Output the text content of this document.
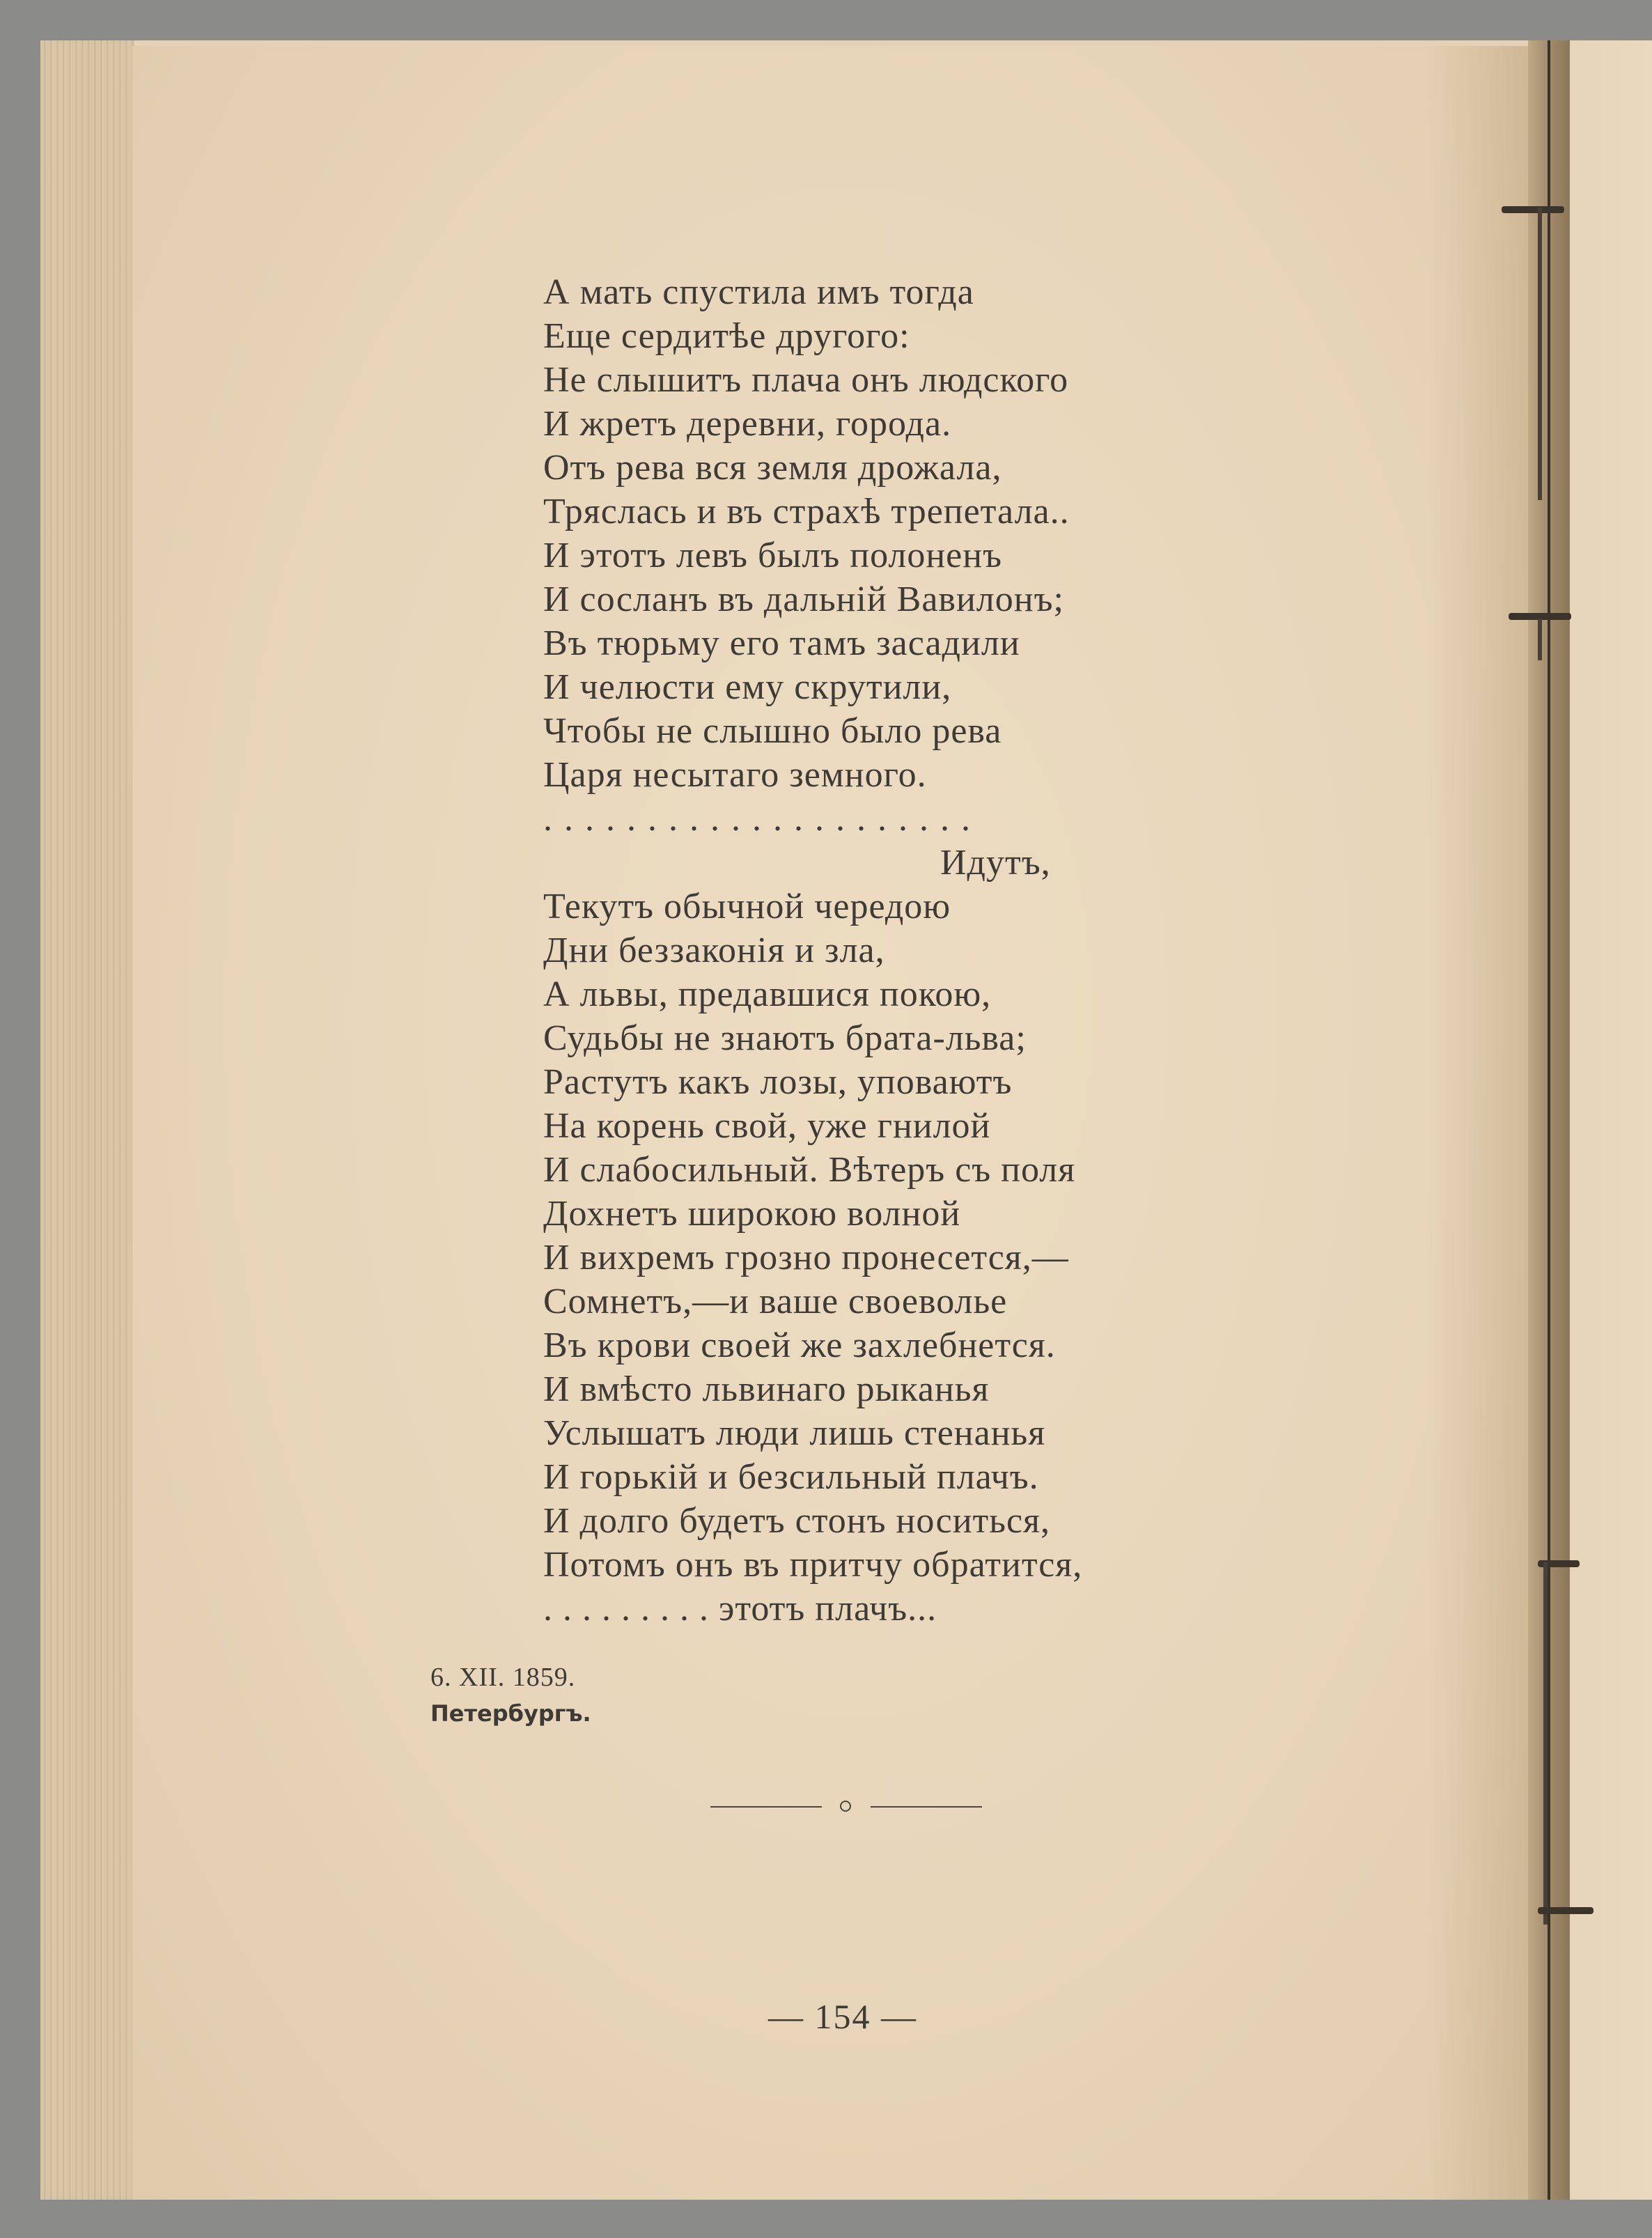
А мать спустила имъ тогда
Еще сердитѣе другого:
Не слышитъ плача онъ людского
И жретъ деревни, города.
Отъ рева вся земля дрожала,
Тряслась и въ страхѣ трепетала..
И этотъ левъ былъ полоненъ
И сосланъ въ дальній Вавилонъ;
Въ тюрьму его тамъ засадили
И челюсти ему скрутили,
Чтобы не слышно было рева
Царя несытаго земного.
. . . . . . . . . . . . . . . . . . . . .
Идутъ,
Текутъ обычной чередою
Дни беззаконія и зла,
А львы, предавшися покою,
Судьбы не знаютъ брата-льва;
Растутъ какъ лозы, уповаютъ
На корень свой, уже гнилой
И слабосильный. Вѣтеръ съ поля
Дохнетъ широкою волной
И вихремъ грозно пронесется,—
Сомнетъ,—и ваше своеволье
Въ крови своей же захлебнется.
И вмѣсто львинаго рыканья
Услышатъ люди лишь стенанья
И горькій и безсильный плачъ.
И долго будетъ стонъ носиться,
Потомъ онъ въ притчу обратится,
. . . . . . . . . этотъ плачъ...
6. XII. 1859.
Петербургъ.
— 154 —
